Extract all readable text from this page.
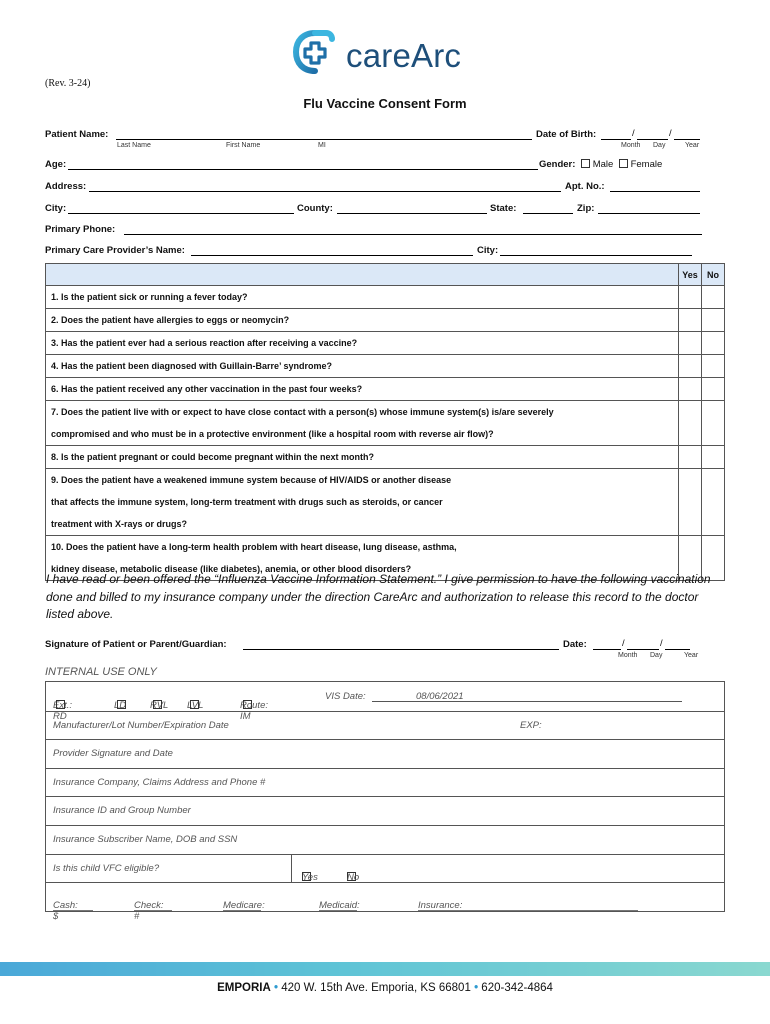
careArc
(Rev. 3-24)
Flu Vaccine Consent Form
Patient Name:	Date of Birth:	/	/
Last Name	First Name	MI	Month Day	Year
Age:	Gender: Male Female
Address:	Apt. No.:
City:	County:	State:	Zip:
Primary Phone:
Primary Care Provider’s Name:	City:
	Yes	No

1. Is the patient sick or running a fever today?		

2. Does the patient have allergies to eggs or neomycin?		

3. Has the patient ever had a serious reaction after receiving a vaccine?		

4. Has the patient been diagnosed with Guillain-Barre’ syndrome?		

6. Has the patient received any other vaccination in the past four weeks?		

7. Does the patient live with or expect to have close contact with a person(s) whose immune system(s) is/are severely
compromised and who must be in a protective environment (like a hospital room with reverse air flow)?		

8. Is the patient pregnant or could become pregnant within the next month?		

9. Does the patient have a weakened immune system because of HIV/AIDS or another disease
that affects the immune system, long-term treatment with drugs such as steroids, or cancer
treatment with X-rays or drugs?		

10. Does the patient have a long-term health problem with heart disease, lung disease, asthma,
kidney disease, metabolic disease (like diabetes), anemia, or other blood disorders?		

I have read or been offered the “Influenza Vaccine Information Statement.” I give permission to have the following vaccination done and billed to my insurance company under the direction CareArc and authorization to release this record to the doctor listed above.
Signature of Patient or Parent/Guardian:	Date:	/	/
Month Day	Year
INTERNAL USE ONLY
Ext.: RD
LD	RVL LVL	Route: IM
VIS Date:	08/06/2021
Manufacturer/Lot Number/Expiration Date	EXP:
Provider Signature and Date
Insurance Company, Claims Address and Phone #
Insurance ID and Group Number
Insurance Subscriber Name, DOB and SSN
Is this child VFC eligible?
Yes	No
Cash: $
Check: #
Medicare:	Medicaid:	Insurance:
EMPORIA • 420 W. 15th Ave. Emporia, KS 66801 • 620-342-4864
